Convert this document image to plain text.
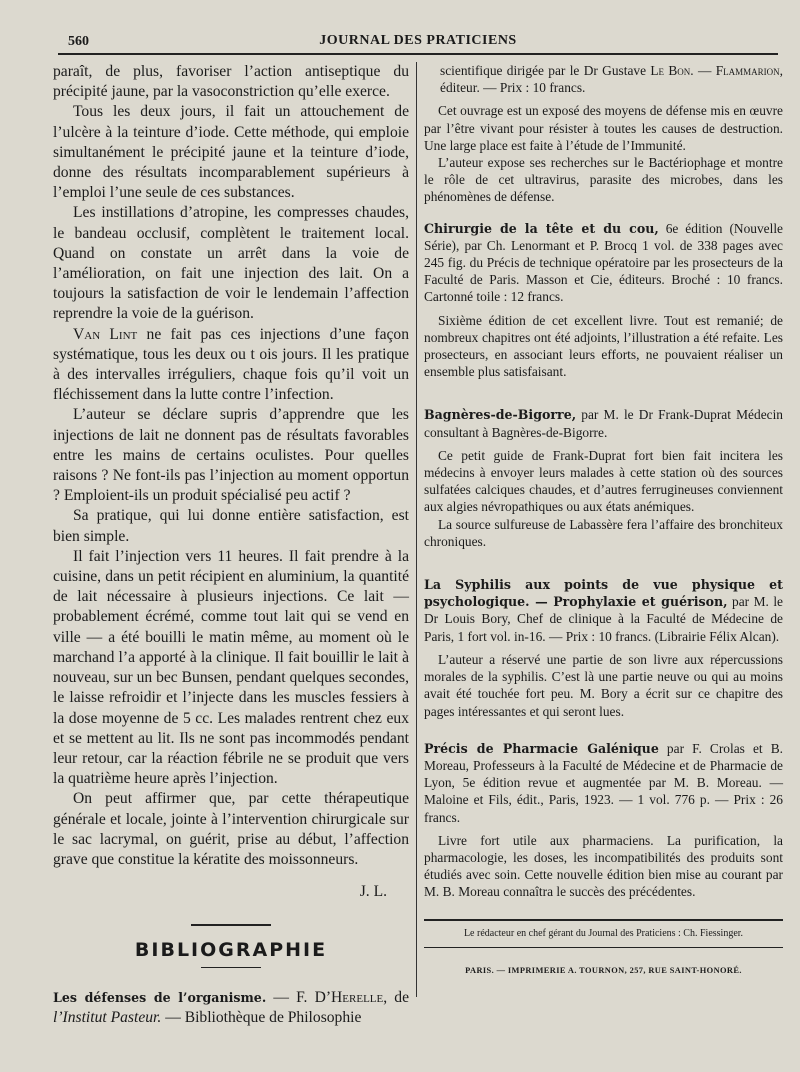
560	JOURNAL DES PRATICIENS

paraît, de plus, favoriser l’action antiseptique du précipité jaune, par la vasoconstriction qu’elle exerce.

Tous les deux jours, il fait un attouchement de l’ulcère à la teinture d’iode. Cette méthode, qui emploie simultanément le précipité jaune et la teinture d’iode, donne des résultats incomparablement supérieurs à l’emploi l’une seule de ces substances.

Les instillations d’atropine, les compresses chaudes, le bandeau occlusif, complètent le traitement local. Quand on constate un arrêt dans la voie de l’amélioration, on fait une injection des lait. On a toujours la satisfaction de voir le lendemain l’affection reprendre la voie de la guérison.

Van Lint ne fait pas ces injections d’une façon systématique, tous les deux ou t ois jours. Il les pratique à des intervalles irréguliers, chaque fois qu’il voit un fléchissement dans la lutte contre l’infection.

L’auteur se déclare supris d’apprendre que les injections de lait ne donnent pas de résultats favorables entre les mains de certains oculistes. Pour quelles raisons ? Ne font-ils pas l’injection au moment opportun ? Emploient-ils un produit spécialisé peu actif ?

Sa pratique, qui lui donne entière satisfaction, est bien simple.

Il fait l’injection vers 11 heures. Il fait prendre à la cuisine, dans un petit récipient en aluminium, la quantité de lait nécessaire à plusieurs injections. Ce lait — probablement écrémé, comme tout lait qui se vend en ville — a été bouilli le matin même, au moment où le marchand l’a apporté à la clinique. Il fait bouillir le lait à nouveau, sur un bec Bunsen, pendant quelques secondes, le laisse refroidir et l’injecte dans les muscles fessiers à la dose moyenne de 5 cc. Les malades rentrent chez eux et se mettent au lit. Ils ne sont pas incommodés pendant leur retour, car la réaction fébrile ne se produit que vers la quatrième heure après l’injection.

On peut affirmer que, par cette thérapeutique générale et locale, jointe à l’intervention chirurgicale sur le sac lacrymal, on guérit, prise au début, l’affection grave que constitue la kératite des moissonneurs.

J. L.

BIBLIOGRAPHIE

Les défenses de l’organisme. — F. D’Herelle, de l’Institut Pasteur. — Bibliothèque de Philosophie

scientifique dirigée par le Dr Gustave Le Bon. — Flammarion, éditeur. — Prix : 10 francs.

Cet ouvrage est un exposé des moyens de défense mis en œuvre par l’être vivant pour résister à toutes les causes de destruction. Une large place est faite à l’étude de l’Immunité.

L’auteur expose ses recherches sur le Bactériophage et montre le rôle de cet ultravirus, parasite des microbes, dans les phénomènes de défense.

Chirurgie de la tête et du cou, 6e édition (Nouvelle Série), par Ch. Lenormant et P. Brocq 1 vol. de 338 pages avec 245 fig. du Précis de technique opératoire par les prosecteurs de la Faculté de Paris. Masson et Cie, éditeurs. Broché : 10 francs. Cartonné toile : 12 francs.

Sixième édition de cet excellent livre. Tout est remanié; de nombreux chapitres ont été adjoints, l’illustration a été refaite. Les prosecteurs, en associant leurs efforts, ne pouvaient réaliser un ensemble plus satisfaisant.

Bagnères-de-Bigorre, par M. le Dr Frank-Duprat Médecin consultant à Bagnères-de-Bigorre.

Ce petit guide de Frank-Duprat fort bien fait incitera les médecins à envoyer leurs malades à cette station où des sources sulfatées calciques chaudes, et d’autres ferrugineuses conviennent aux algies névropathiques ou aux états anémiques.

La source sulfureuse de Labassère fera l’affaire des bronchiteux chroniques.

La Syphilis aux points de vue physique et psychologique. — Prophylaxie et guérison, par M. le Dr Louis Bory, Chef de clinique à la Faculté de Médecine de Paris, 1 fort vol. in-16. — Prix : 10 francs. (Librairie Félix Alcan).

L’auteur a réservé une partie de son livre aux répercussions morales de la syphilis. C’est là une partie neuve ou qui au moins avait été touchée fort peu. M. Bory a écrit sur ce chapitre des pages intéressantes et qui seront lues.

Précis de Pharmacie Galénique par F. Crolas et B. Moreau, Professeurs à la Faculté de Médecine et de Pharmacie de Lyon, 5e édition revue et augmentée par M. B. Moreau. — Maloine et Fils, édit., Paris, 1923. — 1 vol. 776 p. — Prix : 26 francs.

Livre fort utile aux pharmaciens. La purification, la pharmacologie, les doses, les incompatibilités des produits sont étudiés avec soin. Cette nouvelle édition bien mise au courant par M. B. Moreau connaîtra le succès des précédentes.

Le rédacteur en chef gérant du Journal des Praticiens : Ch. Fiessinger.

PARIS. — IMPRIMERIE A. TOURNON, 257, RUE SAINT-HONORÉ.
